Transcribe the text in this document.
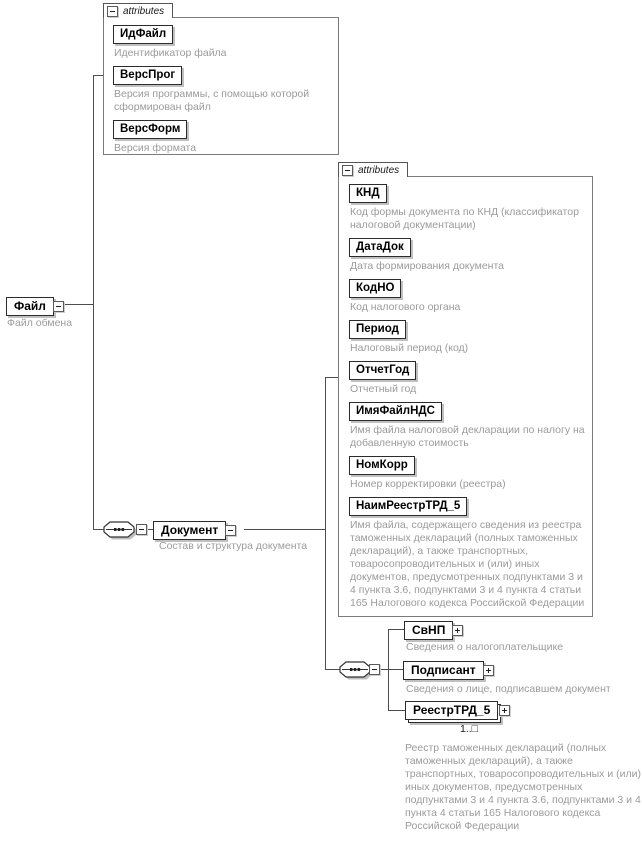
attributes
ИдФайл
Идентификатор файла
ВерсПрог
Версия программы, с помощью которой сформирован файл
ВерсФорм
Версия формата
attributes
КНД
Код формы документа по КНД (классификатор налоговой документации)
ДатаДок
Дата формирования документа
КодНО
Код налогового органа
Период
Налоговый период (код)
ОтчетГод
Отчетный год
ИмяФайлНДС
Имя файла налоговой декларации по налогу на добавленную стоимость
НомКорр
Номер корректировки (реестра)
НаимРеестрТРД_5
Имя файла, содержащего сведения из реестра таможенных деклараций (полных таможенных деклараций), а также транспортных, товаросопроводительных и (или) иных документов, предусмотренных подпунктами 3 и 4 пункта 3.6, подпунктами 3 и 4 пункта 4 статьи 165 Налогового кодекса Российской Федерации
Файл
Файл обмена
Документ
Состав и структура документа
СвНП
Сведения о налогоплательщике
Подписант
Сведения о лице, подписавшем документ
РеестрТРД_5
1..□
Реестр таможенных деклараций (полных таможенных деклараций), а также транспортных, товаросопроводительных и (или) иных документов, предусмотренных подпунктами 3 и 4 пункта 3.6, подпунктами 3 и 4 пункта 4 статьи 165 Налогового кодекса Российской Федерации
